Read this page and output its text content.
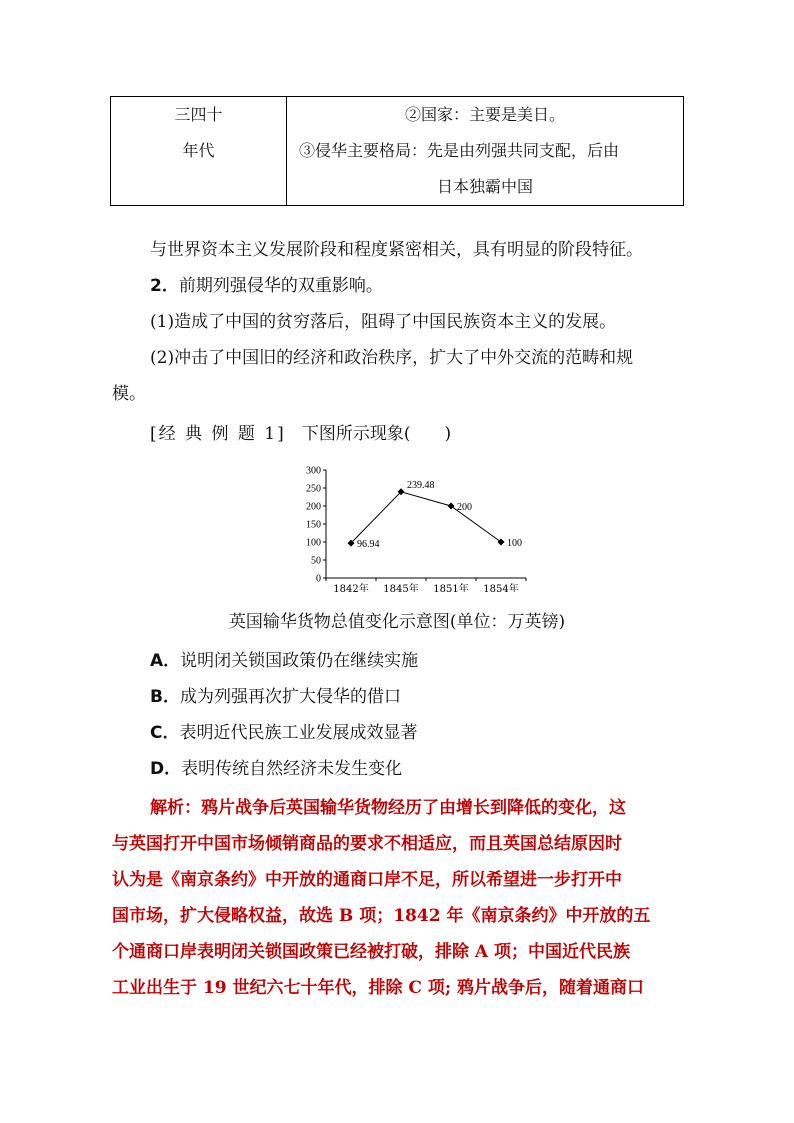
三四十
年代

②国家：主要是美日。
③侵华主要格局：先是由列强共同支配，后由
日本独霸中国

与世界资本主义发展阶段和程度紧密相关，具有明显的阶段特征。

2．前期列强侵华的双重影响。

(1)造成了中国的贫穷落后，阻碍了中国民族资本主义的发展。

(2)冲击了中国旧的经济和政治秩序，扩大了中外交流的范畴和规

模。

[经 典 例 题 1] 下图所示现象(　　)

0
50
100
150
200
250
300
1842年 1845年 1851年 1854年
96.94
239.48
200
100

英国输华货物总值变化示意图(单位：万英镑)

A．说明闭关锁国政策仍在继续实施

B．成为列强再次扩大侵华的借口

C．表明近代民族工业发展成效显著

D．表明传统自然经济未发生变化

解析：鸦片战争后英国输华货物经历了由增长到降低的变化，这

与英国打开中国市场倾销商品的要求不相适应，而且英国总结原因时

认为是《南京条约》中开放的通商口岸不足，所以希望进一步打开中

国市场，扩大侵略权益，故选 B 项；1842 年《南京条约》中开放的五

个通商口岸表明闭关锁国政策已经被打破，排除 A 项；中国近代民族

工业出生于 19 世纪六七十年代，排除 C 项; 鸦片战争后，随着通商口
